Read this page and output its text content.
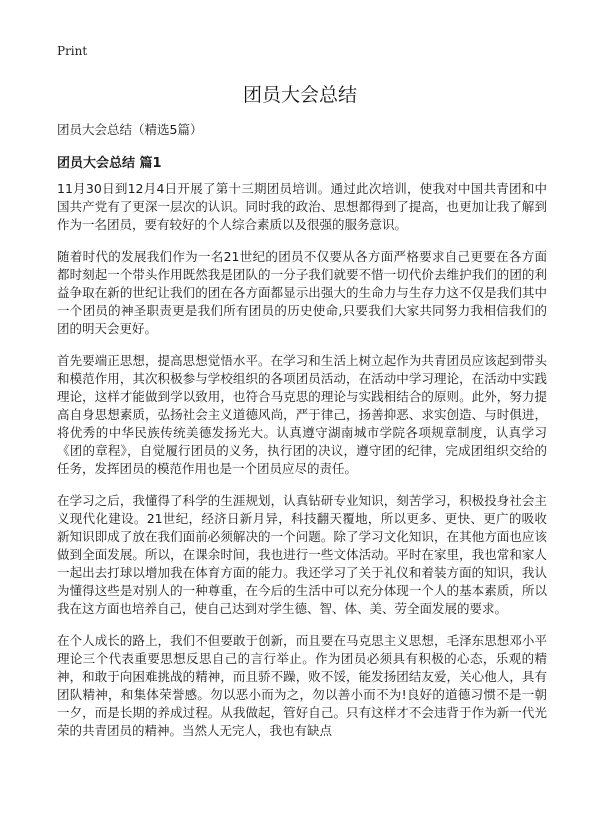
Print
团员大会总结
团员大会总结（精选5篇）
团员大会总结 篇1

11月30日到12月4日开展了第十三期团员培训。通过此次培训，使我对中国共青团和中国共产党有了更深一层次的认识。同时我的政治、思想都得到了提高，也更加让我了解到作为一名团员，要有较好的个人综合素质以及很强的服务意识。

随着时代的发展我们作为一名21世纪的团员不仅要从各方面严格要求自己更要在各方面都时刻起一个带头作用既然我是团队的一分子我们就要不惜一切代价去维护我们的团的利益争取在新的世纪让我们的团在各方面都显示出强大的生命力与生存力这不仅是我们其中一个团员的神圣职责更是我们所有团员的历史使命,只要我们大家共同努力我相信我们的团的明天会更好。

首先要端正思想，提高思想觉悟水平。在学习和生活上树立起作为共青团员应该起到带头和模范作用，其次积极参与学校组织的各项团员活动，在活动中学习理论，在活动中实践理论，这样才能做到学以致用，也符合马克思的理论与实践相结合的原则。此外，努力提高自身思想素质，弘扬社会主义道德风尚，严于律己，扬善抑恶、求实创造、与时俱进，将优秀的中华民族传统美德发扬光大。认真遵守湖南城市学院各项规章制度，认真学习《团的章程》，自觉履行团员的义务，执行团的决议，遵守团的纪律，完成团组织交给的任务，发挥团员的模范作用也是一个团员应尽的责任。

在学习之后，我懂得了科学的生涯规划，认真钻研专业知识，刻苦学习，积极投身社会主义现代化建设。21世纪，经济日新月异，科技翻天覆地，所以更多、更快、更广的吸收新知识即成了放在我们面前必须解决的一个问题。除了学习文化知识，在其他方面也应该做到全面发展。所以，在课余时间，我也进行一些文体活动。平时在家里，我也常和家人一起出去打球以增加我在体育方面的能力。我还学习了关于礼仪和着装方面的知识，我认为懂得这些是对别人的一种尊重，在今后的生活中可以充分体现一个人的基本素质，所以我在这方面也培养自己，使自己达到对学生德、智、体、美、劳全面发展的要求。

在个人成长的路上，我们不但要敢于创新，而且要在马克思主义思想，毛泽东思想邓小平理论三个代表重要思想反思自己的言行举止。作为团员必须具有积极的心态，乐观的精神，和敢于向困难挑战的精神，而且骄不躁，败不馁，能发扬团结友爱，关心他人，具有团队精神，和集体荣誉感。勿以恶小而为之，勿以善小而不为!良好的道德习惯不是一朝一夕，而是长期的养成过程。从我做起，管好自己。只有这样才不会违背于作为新一代光荣的共青团员的精神。当然人无完人，我也有缺点
